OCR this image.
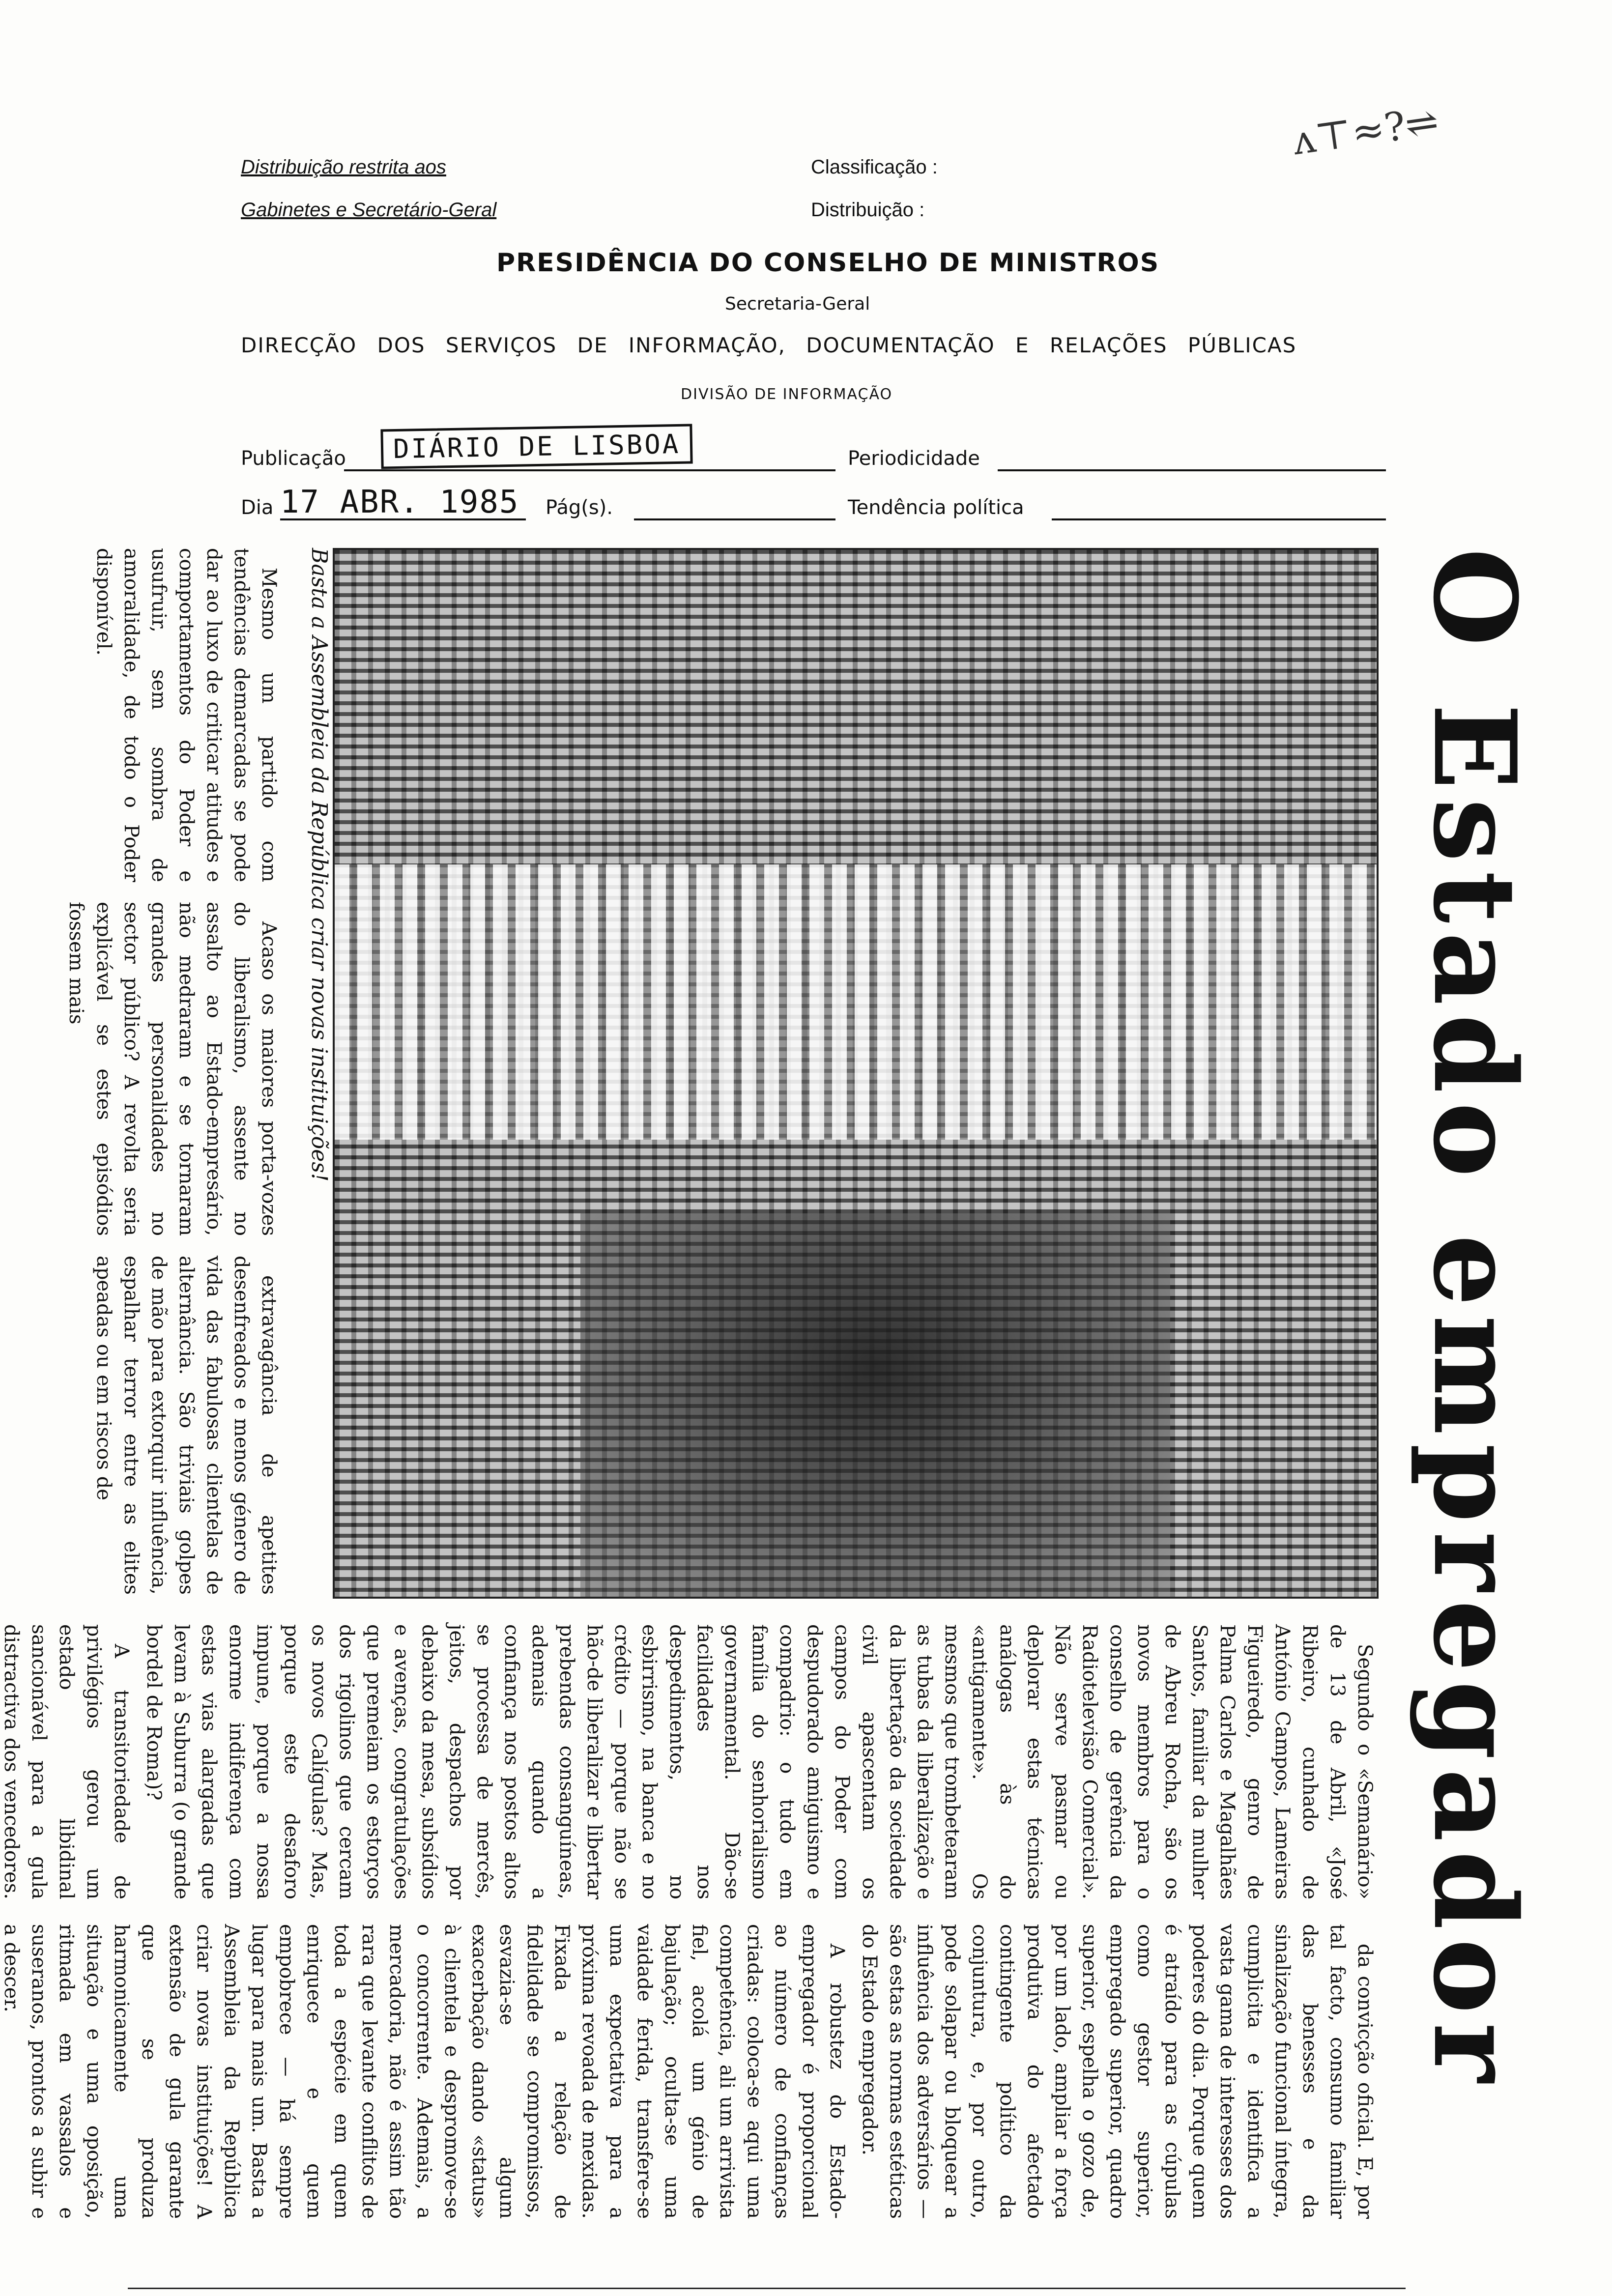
Distribuição restrita aos
Gabinetes e Secretário-Geral
Classificação :
Distribuição :
ʌ⊤≈?⇌
PRESIDÊNCIA DO CONSELHO DE MINISTROS
Secretaria-Geral
DIRECÇÃO DOS SERVIÇOS DE INFORMAÇÃO, DOCUMENTAÇÃO E RELAÇÕES PÚBLICAS
DIVISÃO DE INFORMAÇÃO
Publicação	DIÁRIO DE LISBOA	Periodicidade
Dia 17 ABR. 1985 Pág(s).	Tendência política
O Estado empregador
Basta a Assembleia da República criar novas instituições!

Segundo o «Semanário» de 13 de Abril, «José Ribeiro, cunhado de António Campos, Lameiras Figueiredo, genro de Palma Carlos e Magalhães Santos, familiar da mulher de Abreu Rocha, são os novos membros para o conselho de gerência da Radiotelevisão Comercial». Não serve pasmar ou deplorar estas técnicas análogas às do «antigamente». Os mesmos que trombetearam as tubas da liberalização e da libertação da sociedade civil apascentam os campos do Poder com despudorado amiguismo e compadrio: o tudo em família do senhorialismo governamental. Dão-se facilidades nos despedimentos, no esbirrismo, na banca e no crédito — porque não se hão-de liberalizar e libertar prebendas consanguíneas, ademais quando a confiança nos postos altos se processa de mercês, jeitos, despachos por debaixo da mesa, subsídios e avenças, congratulações que premeiam os estorços dos rigolinos que cercam os novos Calígulas? Mas, porque este desaforo impune, porque a nossa enorme indiferença com estas vias alargadas que levam à Suburra (o grande bordel de Roma)?

A transitoriedade de privilégios gerou um estado libidinal sancionável para a gula distractiva dos vencedores.

da convicção oficial. E, por tal facto, consumo familiar das benesses e da sinalização funcional íntegra, cumplicita e identifica a vasta gama de interesses dos poderes do dia. Porque quem é atraído para as cúpulas como gestor superior, empregado superior, quadro superior, espelha o gozo de, por um lado, ampliar a força produtiva do afectado contingente político da conjuntura, e, por outro, pode solapar ou bloquear a influência dos adversários — são estas as normas estéticas do Estado empregador.

A robustez do Estado-empregador é proporcional ao número de confianças criadas: coloca-se aqui uma competência, ali um arrivista fiel, acolá um génio de bajulação; oculta-se uma vaidade ferida, transfere-se uma expectativa para a próxima revoada de mexidas. Fixada a relação de fidelidade se compromissos, esvazia-se algum exacerbação dando «status» à clientela e despromove-se o concorrente. Ademais, a mercadoria, não é assim tão rara que levante conflitos de toda a espécie em quem enriquece e quem empobrece — há sempre lugar para mais um. Basta a Assembleia da República criar novas instituições! A extensão de gula garante que se produza harmonicamente uma situação e uma oposição, ritmada em vassalos e suseranos, prontos a subir e a descer.

Mesmo um partido com tendências demarcadas se pode dar ao luxo de criticar atitudes e comportamentos do Poder e usufruir, sem sombra de amoralidade, de todo o Poder disponível.

Acaso os maiores porta-vozes do liberalismo, assente no assalto ao Estado-empresário, não medraram e se tornaram grandes personalidades no sector público? A revolta seria explicável se estes episódios fossem mais

extravagância de apetites desenfreados e menos género de vida das fabulosas clientelas de alternância. São triviais golpes de mão para extorquir influência, espalhar terror entre as elites apeadas ou em riscos de
